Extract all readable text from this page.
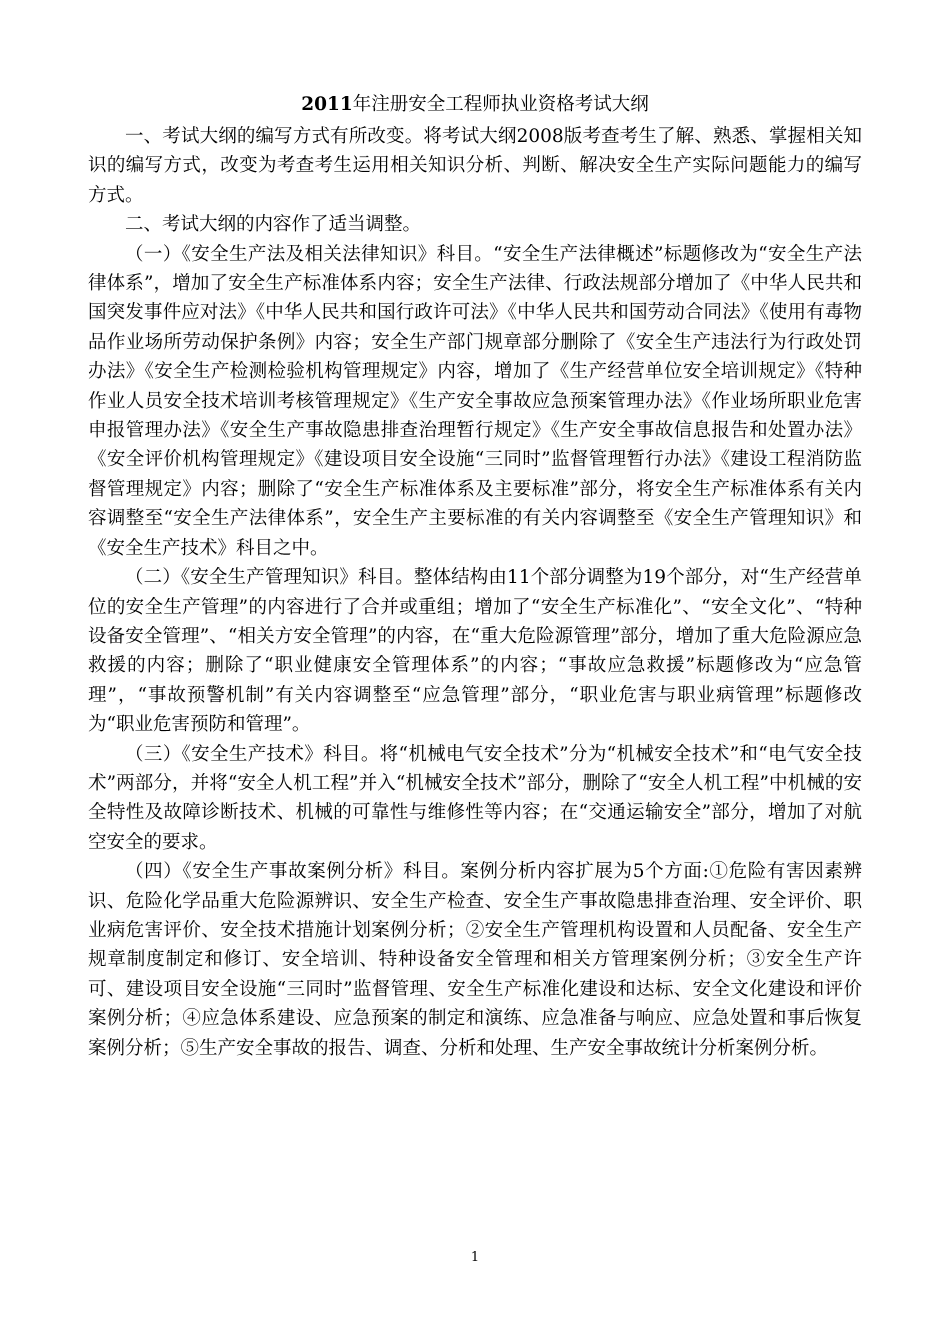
2011年注册安全工程师执业资格考试大纲

一、考试大纲的编写方式有所改变。将考试大纲2008版考查考生了解、熟悉、掌握相关知识的编写方式，改变为考查考生运用相关知识分析、判断、解决安全生产实际问题能力的编写方式。

二、考试大纲的内容作了适当调整。

（一）《安全生产法及相关法律知识》科目。“安全生产法律概述”标题修改为“安全生产法律体系”，增加了安全生产标准体系内容；安全生产法律、行政法规部分增加了《中华人民共和国突发事件应对法》《中华人民共和国行政许可法》《中华人民共和国劳动合同法》《使用有毒物品作业场所劳动保护条例》内容；安全生产部门规章部分删除了《安全生产违法行为行政处罚办法》《安全生产检测检验机构管理规定》内容，增加了《生产经营单位安全培训规定》《特种作业人员安全技术培训考核管理规定》《生产安全事故应急预案管理办法》《作业场所职业危害申报管理办法》《安全生产事故隐患排查治理暂行规定》《生产安全事故信息报告和处置办法》《安全评价机构管理规定》《建设项目安全设施“三同时”监督管理暂行办法》《建设工程消防监督管理规定》内容；删除了“安全生产标准体系及主要标准”部分，将安全生产标准体系有关内容调整至“安全生产法律体系”，安全生产主要标准的有关内容调整至《安全生产管理知识》和《安全生产技术》科目之中。

（二）《安全生产管理知识》科目。整体结构由11个部分调整为19个部分，对“生产经营单位的安全生产管理”的内容进行了合并或重组；增加了“安全生产标准化”、“安全文化”、“特种设备安全管理”、“相关方安全管理”的内容，在“重大危险源管理”部分，增加了重大危险源应急救援的内容；删除了“职业健康安全管理体系”的内容；“事故应急救援”标题修改为“应急管理”，“事故预警机制”有关内容调整至“应急管理”部分，“职业危害与职业病管理”标题修改为“职业危害预防和管理”。

（三）《安全生产技术》科目。将“机械电气安全技术”分为“机械安全技术”和“电气安全技术”两部分，并将“安全人机工程”并入“机械安全技术”部分，删除了“安全人机工程”中机械的安全特性及故障诊断技术、机械的可靠性与维修性等内容；在“交通运输安全”部分，增加了对航空安全的要求。

（四）《安全生产事故案例分析》科目。案例分析内容扩展为5个方面:①危险有害因素辨识、危险化学品重大危险源辨识、安全生产检查、安全生产事故隐患排查治理、安全评价、职业病危害评价、安全技术措施计划案例分析；②安全生产管理机构设置和人员配备、安全生产规章制度制定和修订、安全培训、特种设备安全管理和相关方管理案例分析；③安全生产许可、建设项目安全设施“三同时”监督管理、安全生产标准化建设和达标、安全文化建设和评价案例分析；④应急体系建设、应急预案的制定和演练、应急准备与响应、应急处置和事后恢复案例分析；⑤生产安全事故的报告、调查、分析和处理、生产安全事故统计分析案例分析。

1
